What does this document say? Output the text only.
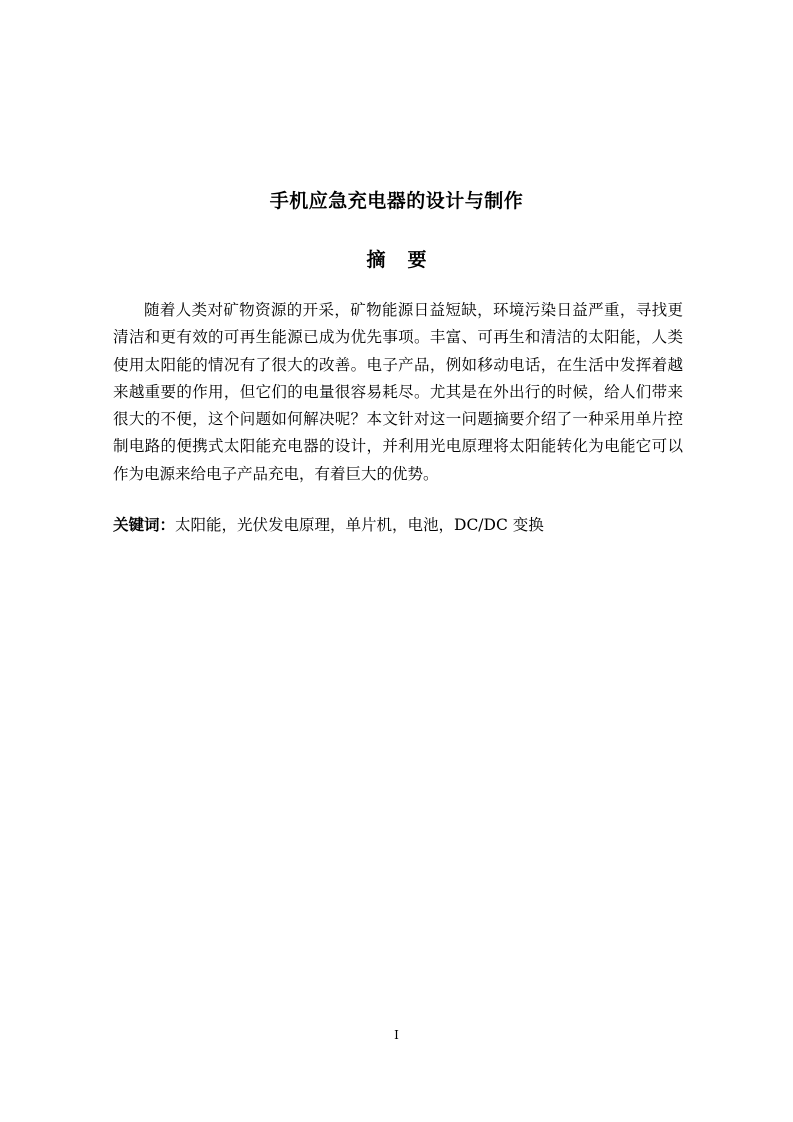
手机应急充电器的设计与制作
摘要

随着人类对矿物资源的开采，矿物能源日益短缺，环境污染日益严重，寻找更清洁和更有效的可再生能源已成为优先事项。丰富、可再生和清洁的太阳能，人类使用太阳能的情况有了很大的改善。电子产品，例如移动电话，在生活中发挥着越来越重要的作用，但它们的电量很容易耗尽。尤其是在外出行的时候，给人们带来很大的不便，这个问题如何解决呢？本文针对这一问题摘要介绍了一种采用单片控制电路的便携式太阳能充电器的设计，并利用光电原理将太阳能转化为电能它可以作为电源来给电子产品充电，有着巨大的优势。

关键词：太阳能，光伏发电原理，单片机，电池，DC/DC 变换
I
